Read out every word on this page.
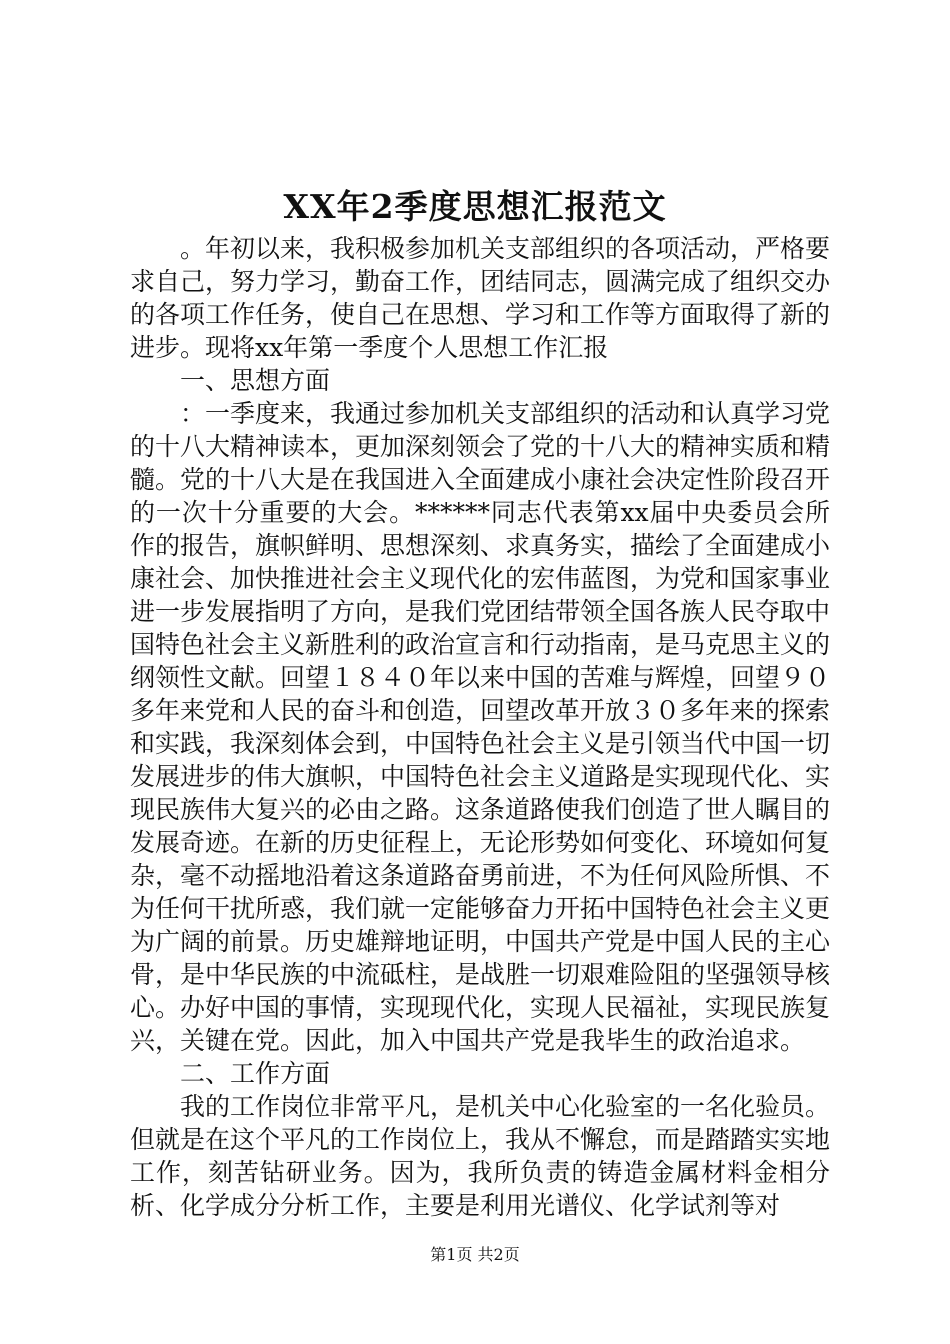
XX年2季度思想汇报范文

。年初以来，我积极参加机关支部组织的各项活动，严格要求自己，努力学习，勤奋工作，团结同志，圆满完成了组织交办的各项工作任务，使自己在思想、学习和工作等方面取得了新的进步。现将xx年第一季度个人思想工作汇报

一、思想方面

：一季度来，我通过参加机关支部组织的活动和认真学习党的十八大精神读本，更加深刻领会了党的十八大的精神实质和精髓。党的十八大是在我国进入全面建成小康社会决定性阶段召开的一次十分重要的大会。******同志代表第xx届中央委员会所作的报告，旗帜鲜明、思想深刻、求真务实，描绘了全面建成小康社会、加快推进社会主义现代化的宏伟蓝图，为党和国家事业进一步发展指明了方向，是我们党团结带领全国各族人民夺取中国特色社会主义新胜利的政治宣言和行动指南，是马克思主义的纲领性文献。回望１８４０年以来中国的苦难与辉煌，回望９０多年来党和人民的奋斗和创造，回望改革开放３０多年来的探索和实践，我深刻体会到，中国特色社会主义是引领当代中国一切发展进步的伟大旗帜，中国特色社会主义道路是实现现代化、实现民族伟大复兴的必由之路。这条道路使我们创造了世人瞩目的发展奇迹。在新的历史征程上，无论形势如何变化、环境如何复杂，毫不动摇地沿着这条道路奋勇前进，不为任何风险所惧、不为任何干扰所惑，我们就一定能够奋力开拓中国特色社会主义更为广阔的前景。历史雄辩地证明，中国共产党是中国人民的主心骨，是中华民族的中流砥柱，是战胜一切艰难险阻的坚强领导核心。办好中国的事情，实现现代化，实现人民福祉，实现民族复兴，关键在党。因此，加入中国共产党是我毕生的政治追求。

二、工作方面

我的工作岗位非常平凡，是机关中心化验室的一名化验员。但就是在这个平凡的工作岗位上，我从不懈怠，而是踏踏实实地工作，刻苦钻研业务。因为，我所负责的铸造金属材料金相分析、化学成分分析工作，主要是利用光谱仪、化学试剂等对

第1页 共2页
